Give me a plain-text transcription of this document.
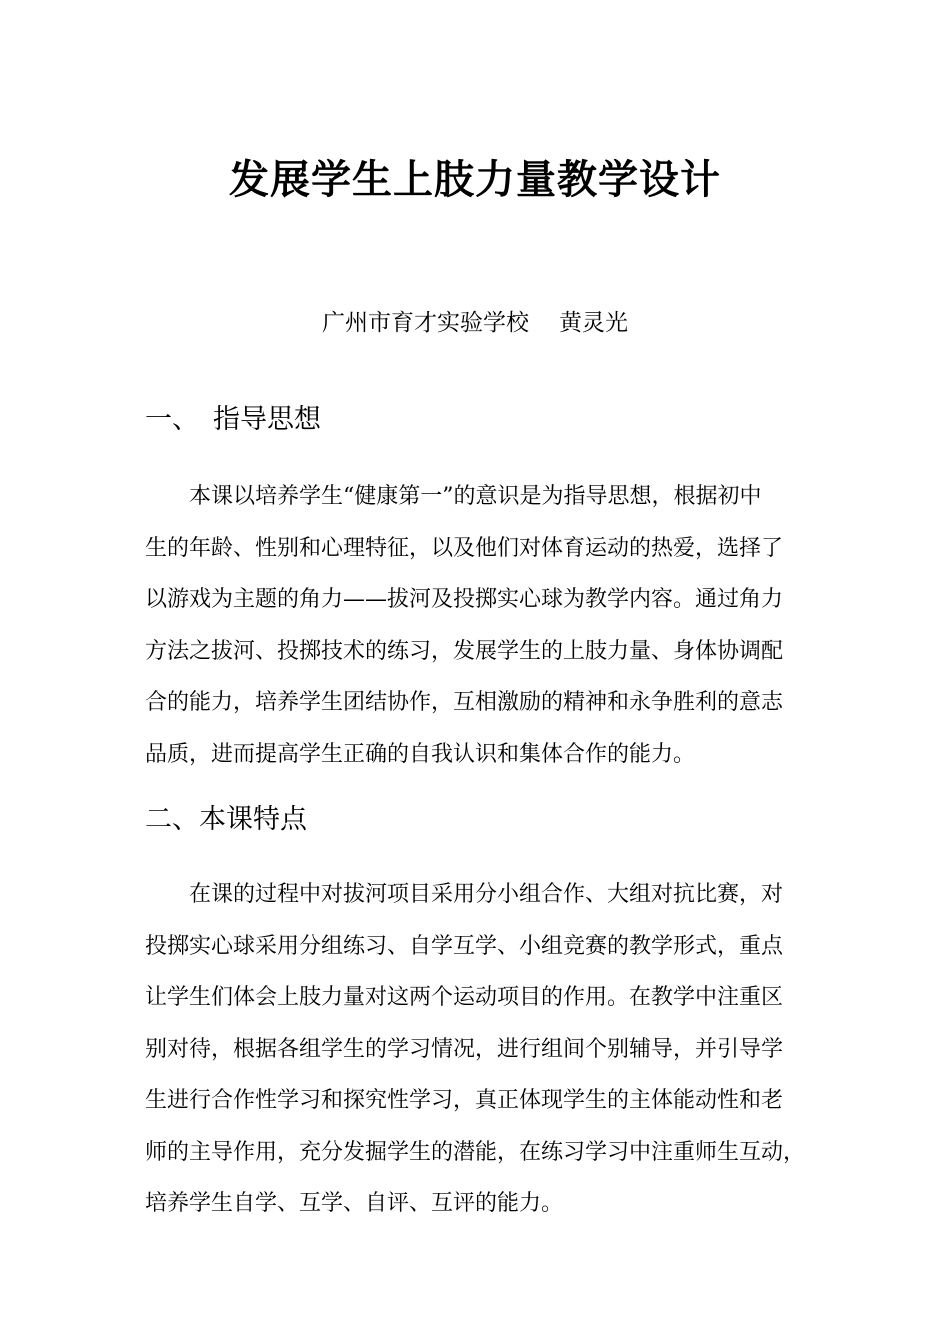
发展学生上肢力量教学设计
广州市育才实验学校 黄灵光
一、 指导思想
本课以培养学生“健康第一”的意识是为指导思想，根据初中
生的年龄、性别和心理特征，以及他们对体育运动的热爱，选择了
以游戏为主题的角力——拔河及投掷实心球为教学内容。通过角力
方法之拔河、投掷技术的练习，发展学生的上肢力量、身体协调配
合的能力，培养学生团结协作，互相激励的精神和永争胜利的意志
品质，进而提高学生正确的自我认识和集体合作的能力。
二、本课特点
在课的过程中对拔河项目采用分小组合作、大组对抗比赛，对
投掷实心球采用分组练习、自学互学、小组竞赛的教学形式，重点
让学生们体会上肢力量对这两个运动项目的作用。在教学中注重区
别对待，根据各组学生的学习情况，进行组间个别辅导，并引导学
生进行合作性学习和探究性学习，真正体现学生的主体能动性和老
师的主导作用，充分发掘学生的潜能，在练习学习中注重师生互动，
培养学生自学、互学、自评、互评的能力。
